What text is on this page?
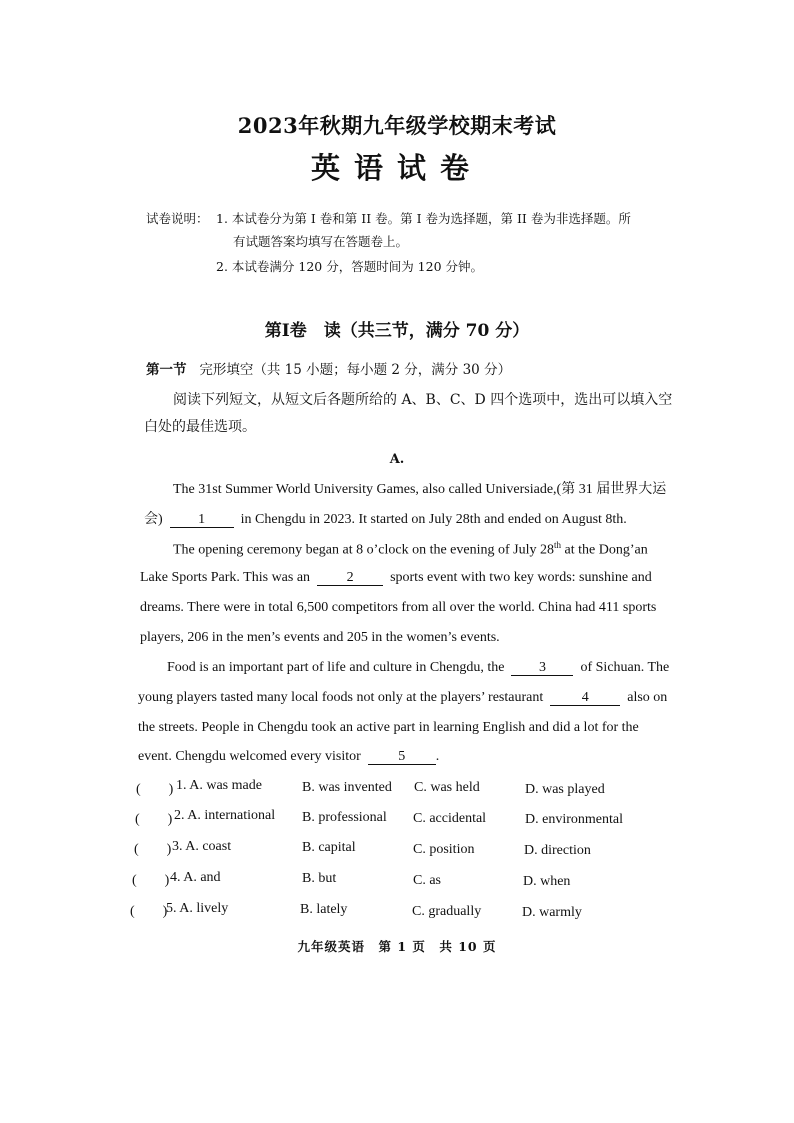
2023年秋期九年级学校期末考试
英语试卷
试卷说明： 1. 本试卷分为第 I 卷和第 II 卷。第 I 卷为选择题，第 II 卷为非选择题。所
有试题答案均填写在答题卷上。
2. 本试卷满分 120 分，答题时间为 120 分钟。
第I卷　读（共三节，满分 70 分）
第一节 完形填空（共 15 小题；每小题 2 分，满分 30 分）
阅读下列短文，从短文后各题所给的 A、B、C、D 四个选项中，选出可以填入空
白处的最佳选项。
A.
The 31st Summer World University Games, also called Universiade,(第 31 届世界大运
会)	1	in Chengdu in 2023. It started on July 28th and ended on August 8th.
The opening ceremony began at 8 o’clock on the evening of July 28th at the Dong’an
Lake Sports Park. This was an	2	sports event with two key words: sunshine and
dreams. There were in total 6,500 competitors from all over the world. China had 411 sports
players, 206 in the men’s events and 205 in the women’s events.
Food is an important part of life and culture in Chengdu, the 3 of Sichuan. The
young players tasted many local foods not only at the players’ restaurant	4	also on
the streets. People in Chengdu took an active part in learning English and did a lot for the
event. Chengdu welcomed every visitor	5 .
(　　) 1. A. was made	B. was invented C. was held	D. was played
(　　) 2. A. international B. professional C. accidental	D. environmental
(　　) 3. A. coast	B. capital	C. position	D. direction
(　　) 4. A. and	B. but	C. as	D. when
(　　)
5. A. lively	B. lately	C. gradually	D. warmly
九年级英语　第 1 页　共 10 页
